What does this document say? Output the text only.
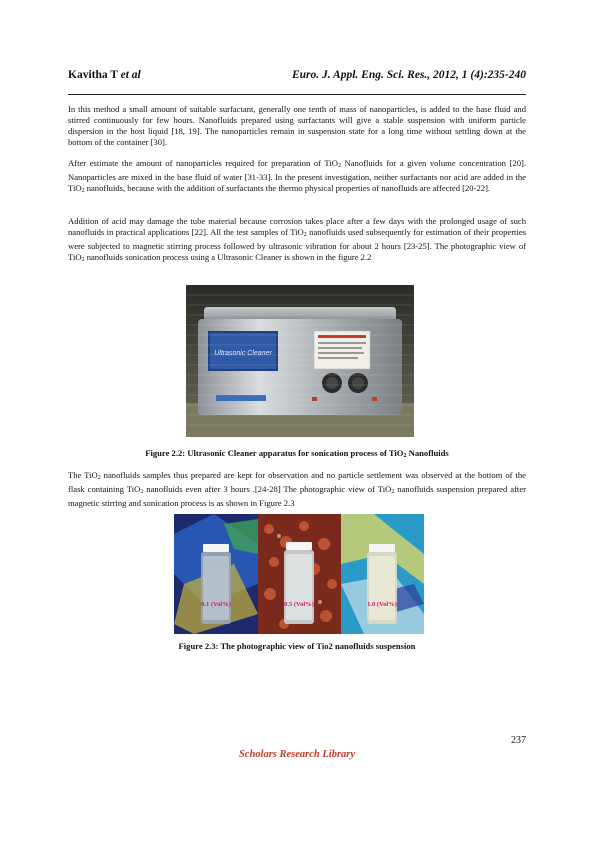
Kavitha T et al	Euro. J. Appl. Eng. Sci. Res., 2012, 1 (4):235-240

In this method a small amount of suitable surfactant, generally one tenth of mass of nanoparticles, is added to the base fluid and stirred continuously for few hours. Nanofluids prepared using surfactants will give a stable suspension with uniform particle dispersion in the host liquid [18, 19]. The nanoparticles remain in suspension state for a long time without settling down at the bottom of the container [30].

After estimate the amount of nanoparticles required for preparation of TiO$_2$ Nanofluids for a given volume concentration [20]. Nanoparticles are mixed in the base fluid of water [31-33]. In the present investigation, neither surfactants nor acid are added in the TiO$_2$ nanofluids, because with the addition of surfactants the thermo physical properties of nanofluids are affected [20-22].

Addition of acid may damage the tube material because corrosion takes place after a few days with the prolonged usage of such nanofluids in practical applications [22]. All the test samples of TiO$_2$ nanofluids used subsequently for estimation of their properties were subjected to magnetic stirring process followed by ultrasonic vibration for about 2 hours [23-25]. The photographic view of TiO$_2$ nanofluids sonication process using a Ultrasonic Cleaner is shown in the figure 2.2

Ultrasonic Cleaner
Figure 2.2: Ultrasonic Cleaner apparatus for sonication process of TiO$_2$ Nanofluids

The TiO$_2$ nanofluids samples thus prepared are kept for observation and no particle settlement was observed at the bottom of the flask containing TiO$_2$ nanofluids even after 3 hours .[24-28] The photographic view of TiO$_2$ nanofluids suspension prepared after magnetic stirring and sonication process is as shown in Figure 2.3

0.1 (Vol%)	0.5 (Vol%)	1.0 (Vol%)
Figure 2.3: The photographic view of Tio2 nanofluids suspension
237
Scholars Research Library
